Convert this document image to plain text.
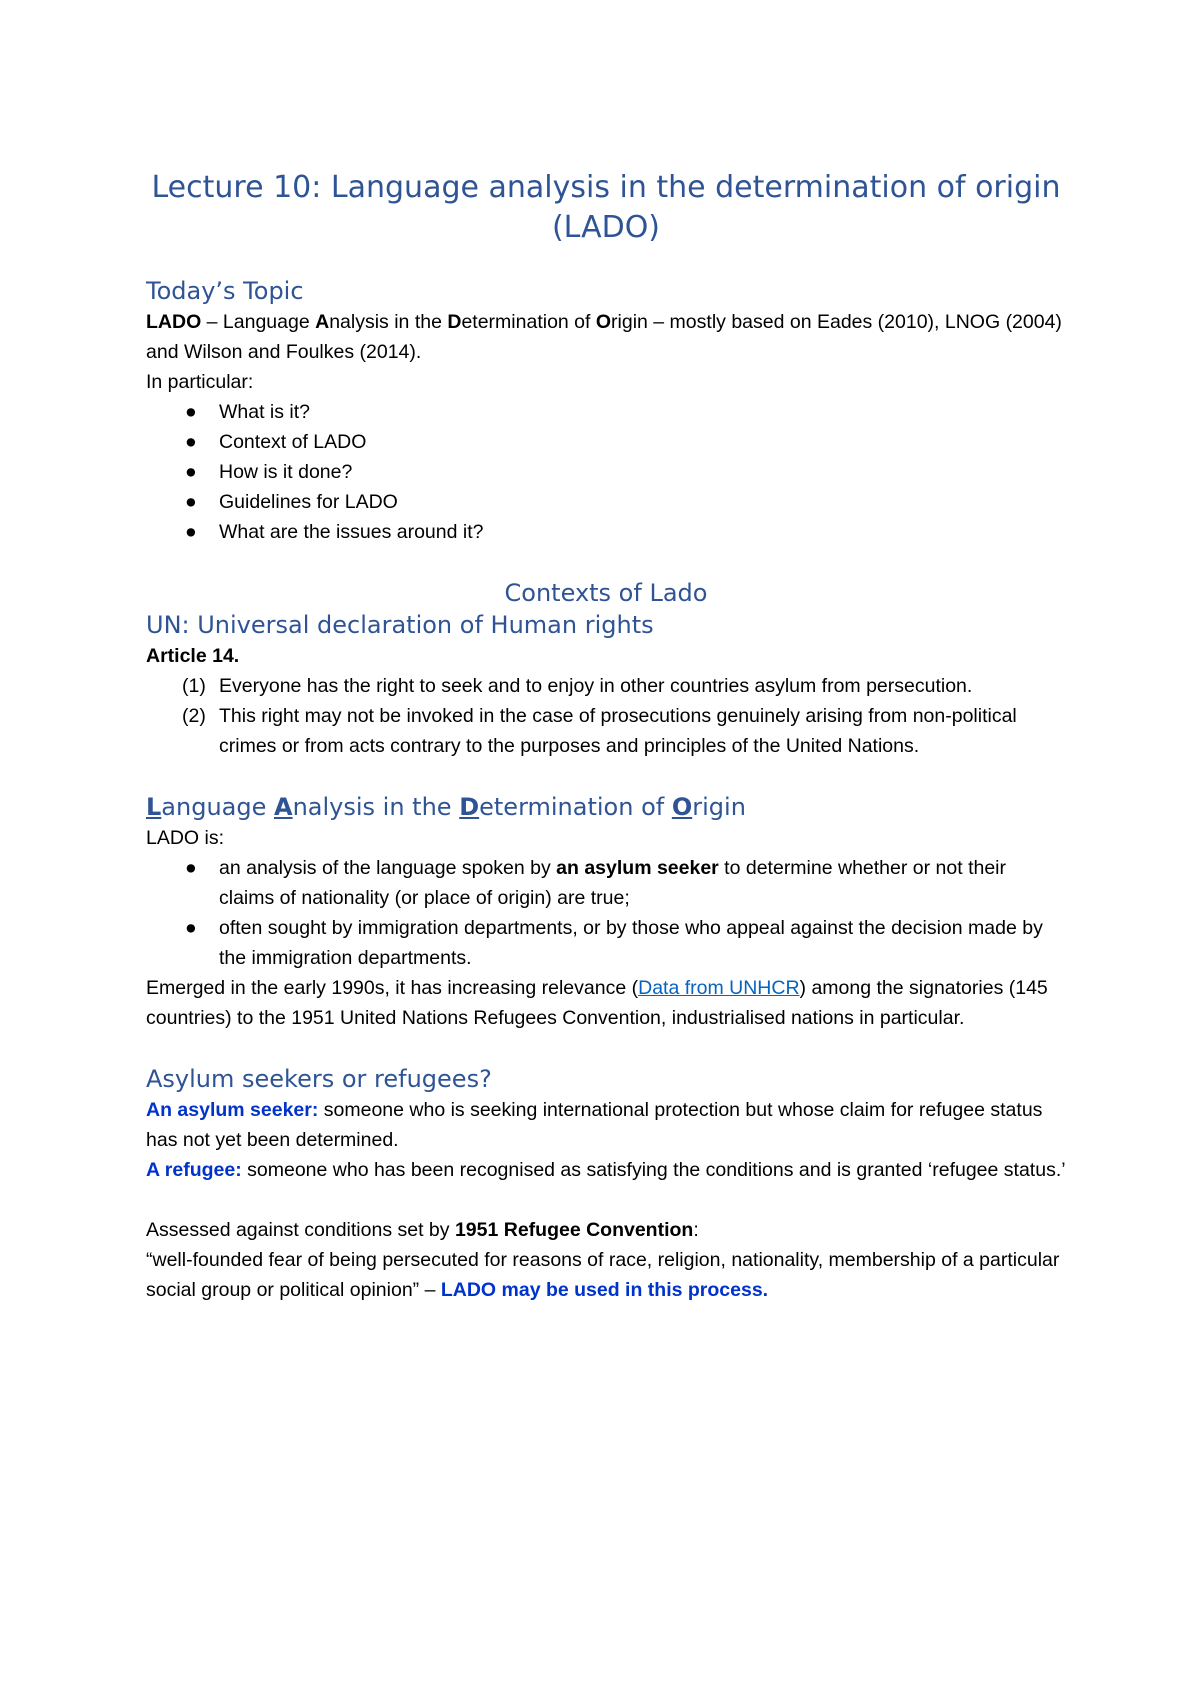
Lecture 10: Language analysis in the determination of origin (LADO)
Today’s Topic

LADO – Language Analysis in the Determination of Origin – mostly based on Eades (2010), LNOG (2004) and Wilson and Foulkes (2014).

In particular:

● What is it?
● Context of LADO
● How is it done?
● Guidelines for LADO
● What are the issues around it?
Contexts of Lado
UN: Universal declaration of Human rights

Article 14.

(1) Everyone has the right to seek and to enjoy in other countries asylum from persecution.
(2) This right may not be invoked in the case of prosecutions genuinely arising from non-political crimes or from acts contrary to the purposes and principles of the United Nations.
Language Analysis in the Determination of Origin

LADO is:

● an analysis of the language spoken by an asylum seeker to determine whether or not their claims of nationality (or place of origin) are true;
● often sought by immigration departments, or by those who appeal against the decision made by the immigration departments.

Emerged in the early 1990s, it has increasing relevance (Data from UNHCR) among the signatories (145 countries) to the 1951 United Nations Refugees Convention, industrialised nations in particular.

Asylum seekers or refugees?

An asylum seeker: someone who is seeking international protection but whose claim for refugee status has not yet been determined.

A refugee: someone who has been recognised as satisfying the conditions and is granted ‘refugee status.’

Assessed against conditions set by 1951 Refugee Convention:

“well-founded fear of being persecuted for reasons of race, religion, nationality, membership of a particular social group or political opinion” – LADO may be used in this process.
